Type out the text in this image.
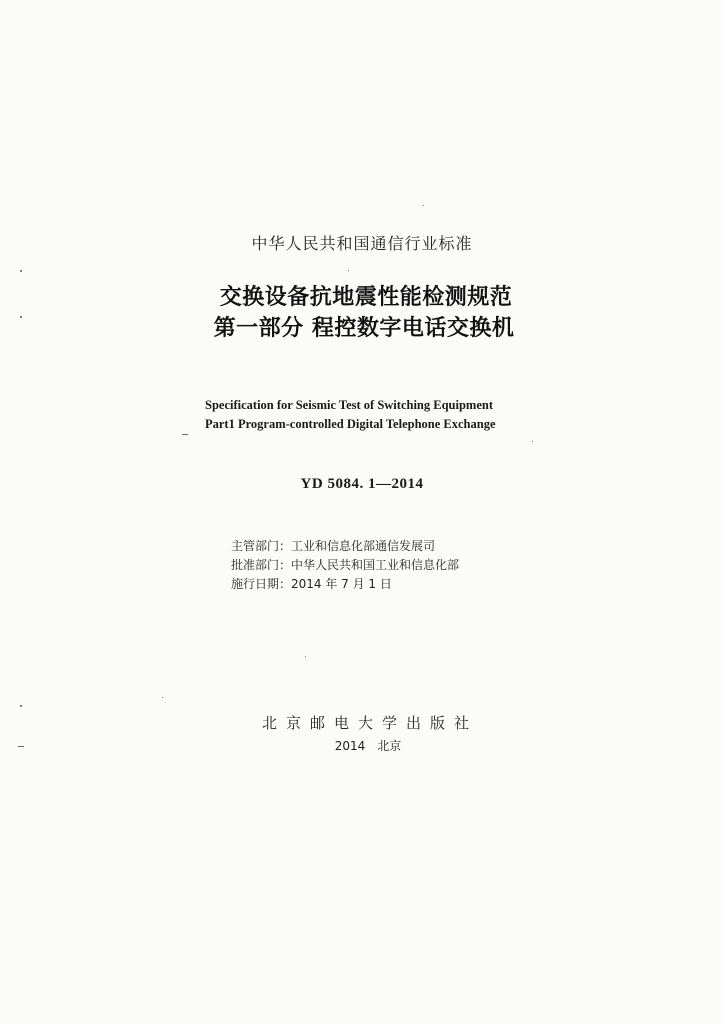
中华人民共和国通信行业标准
交换设备抗地震性能检测规范
第一部分 程控数字电话交换机
Specification for Seismic Test of Switching Equipment
Part1 Program-controlled Digital Telephone Exchange
YD 5084. 1—2014
主管部门：工业和信息化部通信发展司
批准部门：中华人民共和国工业和信息化部
施行日期：2014 年 7 月 1 日
北京邮电大学出版社
2014　北京
